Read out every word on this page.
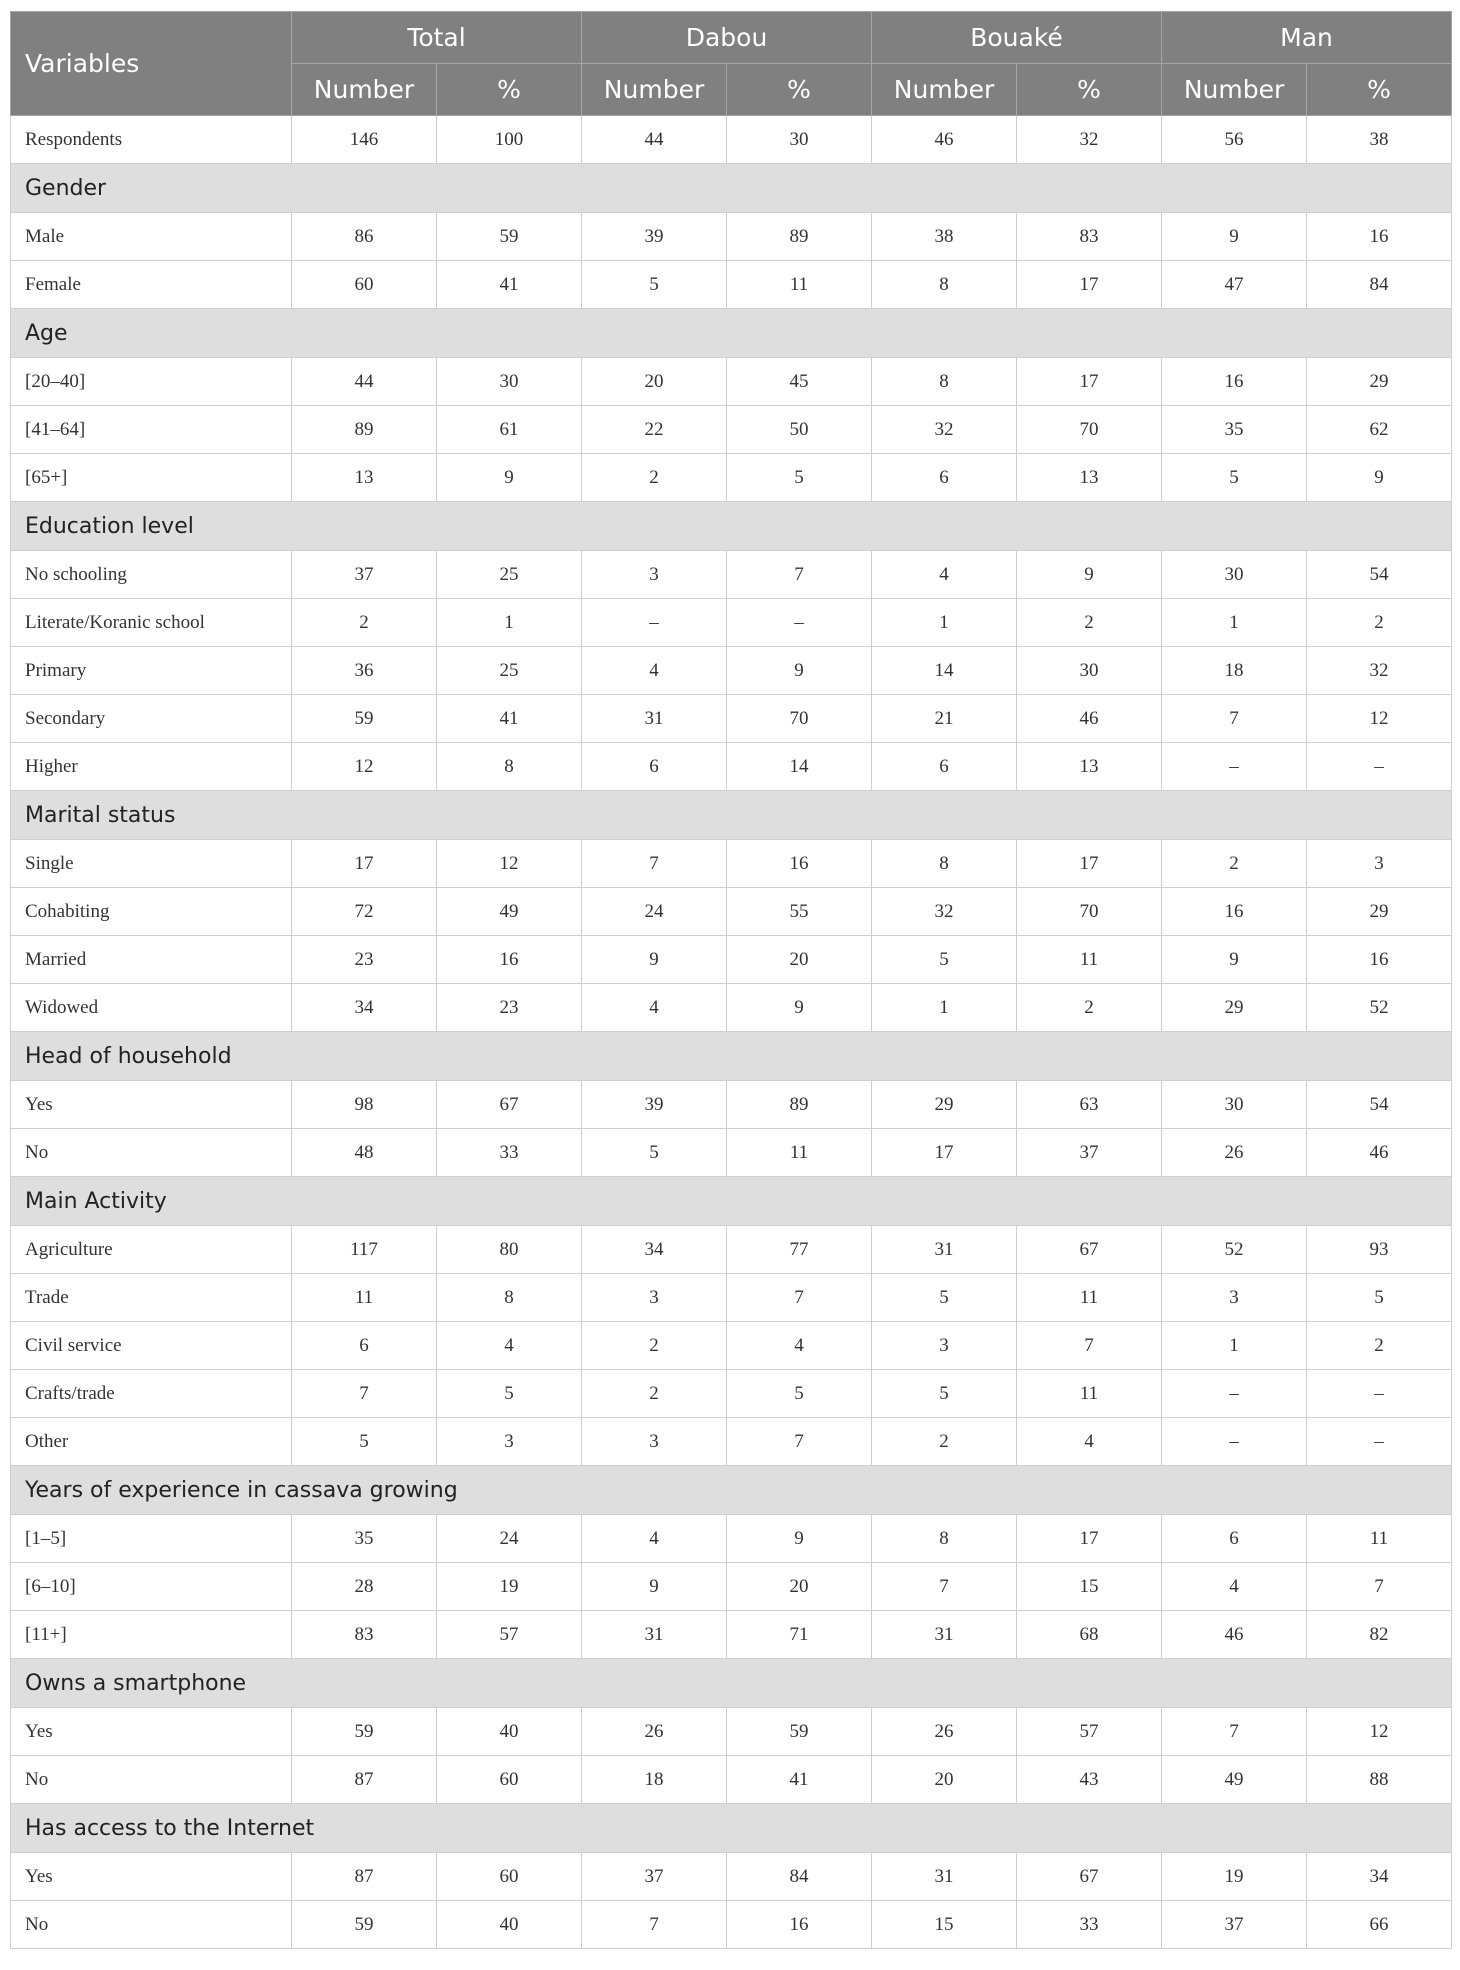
Variables	Total		Dabou		Bouaké		Man	
	Number	%	Number	%	Number	%	Number	%
Respondents	146	100	44	30	46	32	56	38
Gender								
Male	86	59	39	89	38	83	9	16
Female	60	41	5	11	8	17	47	84
Age								
[20–40]	44	30	20	45	8	17	16	29
[41–64]	89	61	22	50	32	70	35	62
[65+]	13	9	2	5	6	13	5	9
Education level								
No schooling	37	25	3	7	4	9	30	54
Literate/Koranic school	2	1	–	–	1	2	1	2
Primary	36	25	4	9	14	30	18	32
Secondary	59	41	31	70	21	46	7	12
Higher	12	8	6	14	6	13	–	–
Marital status								
Single	17	12	7	16	8	17	2	3
Cohabiting	72	49	24	55	32	70	16	29
Married	23	16	9	20	5	11	9	16
Widowed	34	23	4	9	1	2	29	52
Head of household								
Yes	98	67	39	89	29	63	30	54
No	48	33	5	11	17	37	26	46
Main Activity								
Agriculture	117	80	34	77	31	67	52	93
Trade	11	8	3	7	5	11	3	5
Civil service	6	4	2	4	3	7	1	2
Crafts/trade	7	5	2	5	5	11	–	–
Other	5	3	3	7	2	4	–	–
Years of experience in cassava growing								
[1–5]	35	24	4	9	8	17	6	11
[6–10]	28	19	9	20	7	15	4	7
[11+]	83	57	31	71	31	68	46	82
Owns a smartphone								
Yes	59	40	26	59	26	57	7	12
No	87	60	18	41	20	43	49	88
Has access to the Internet								
Yes	87	60	37	84	31	67	19	34
No	59	40	7	16	15	33	37	66
